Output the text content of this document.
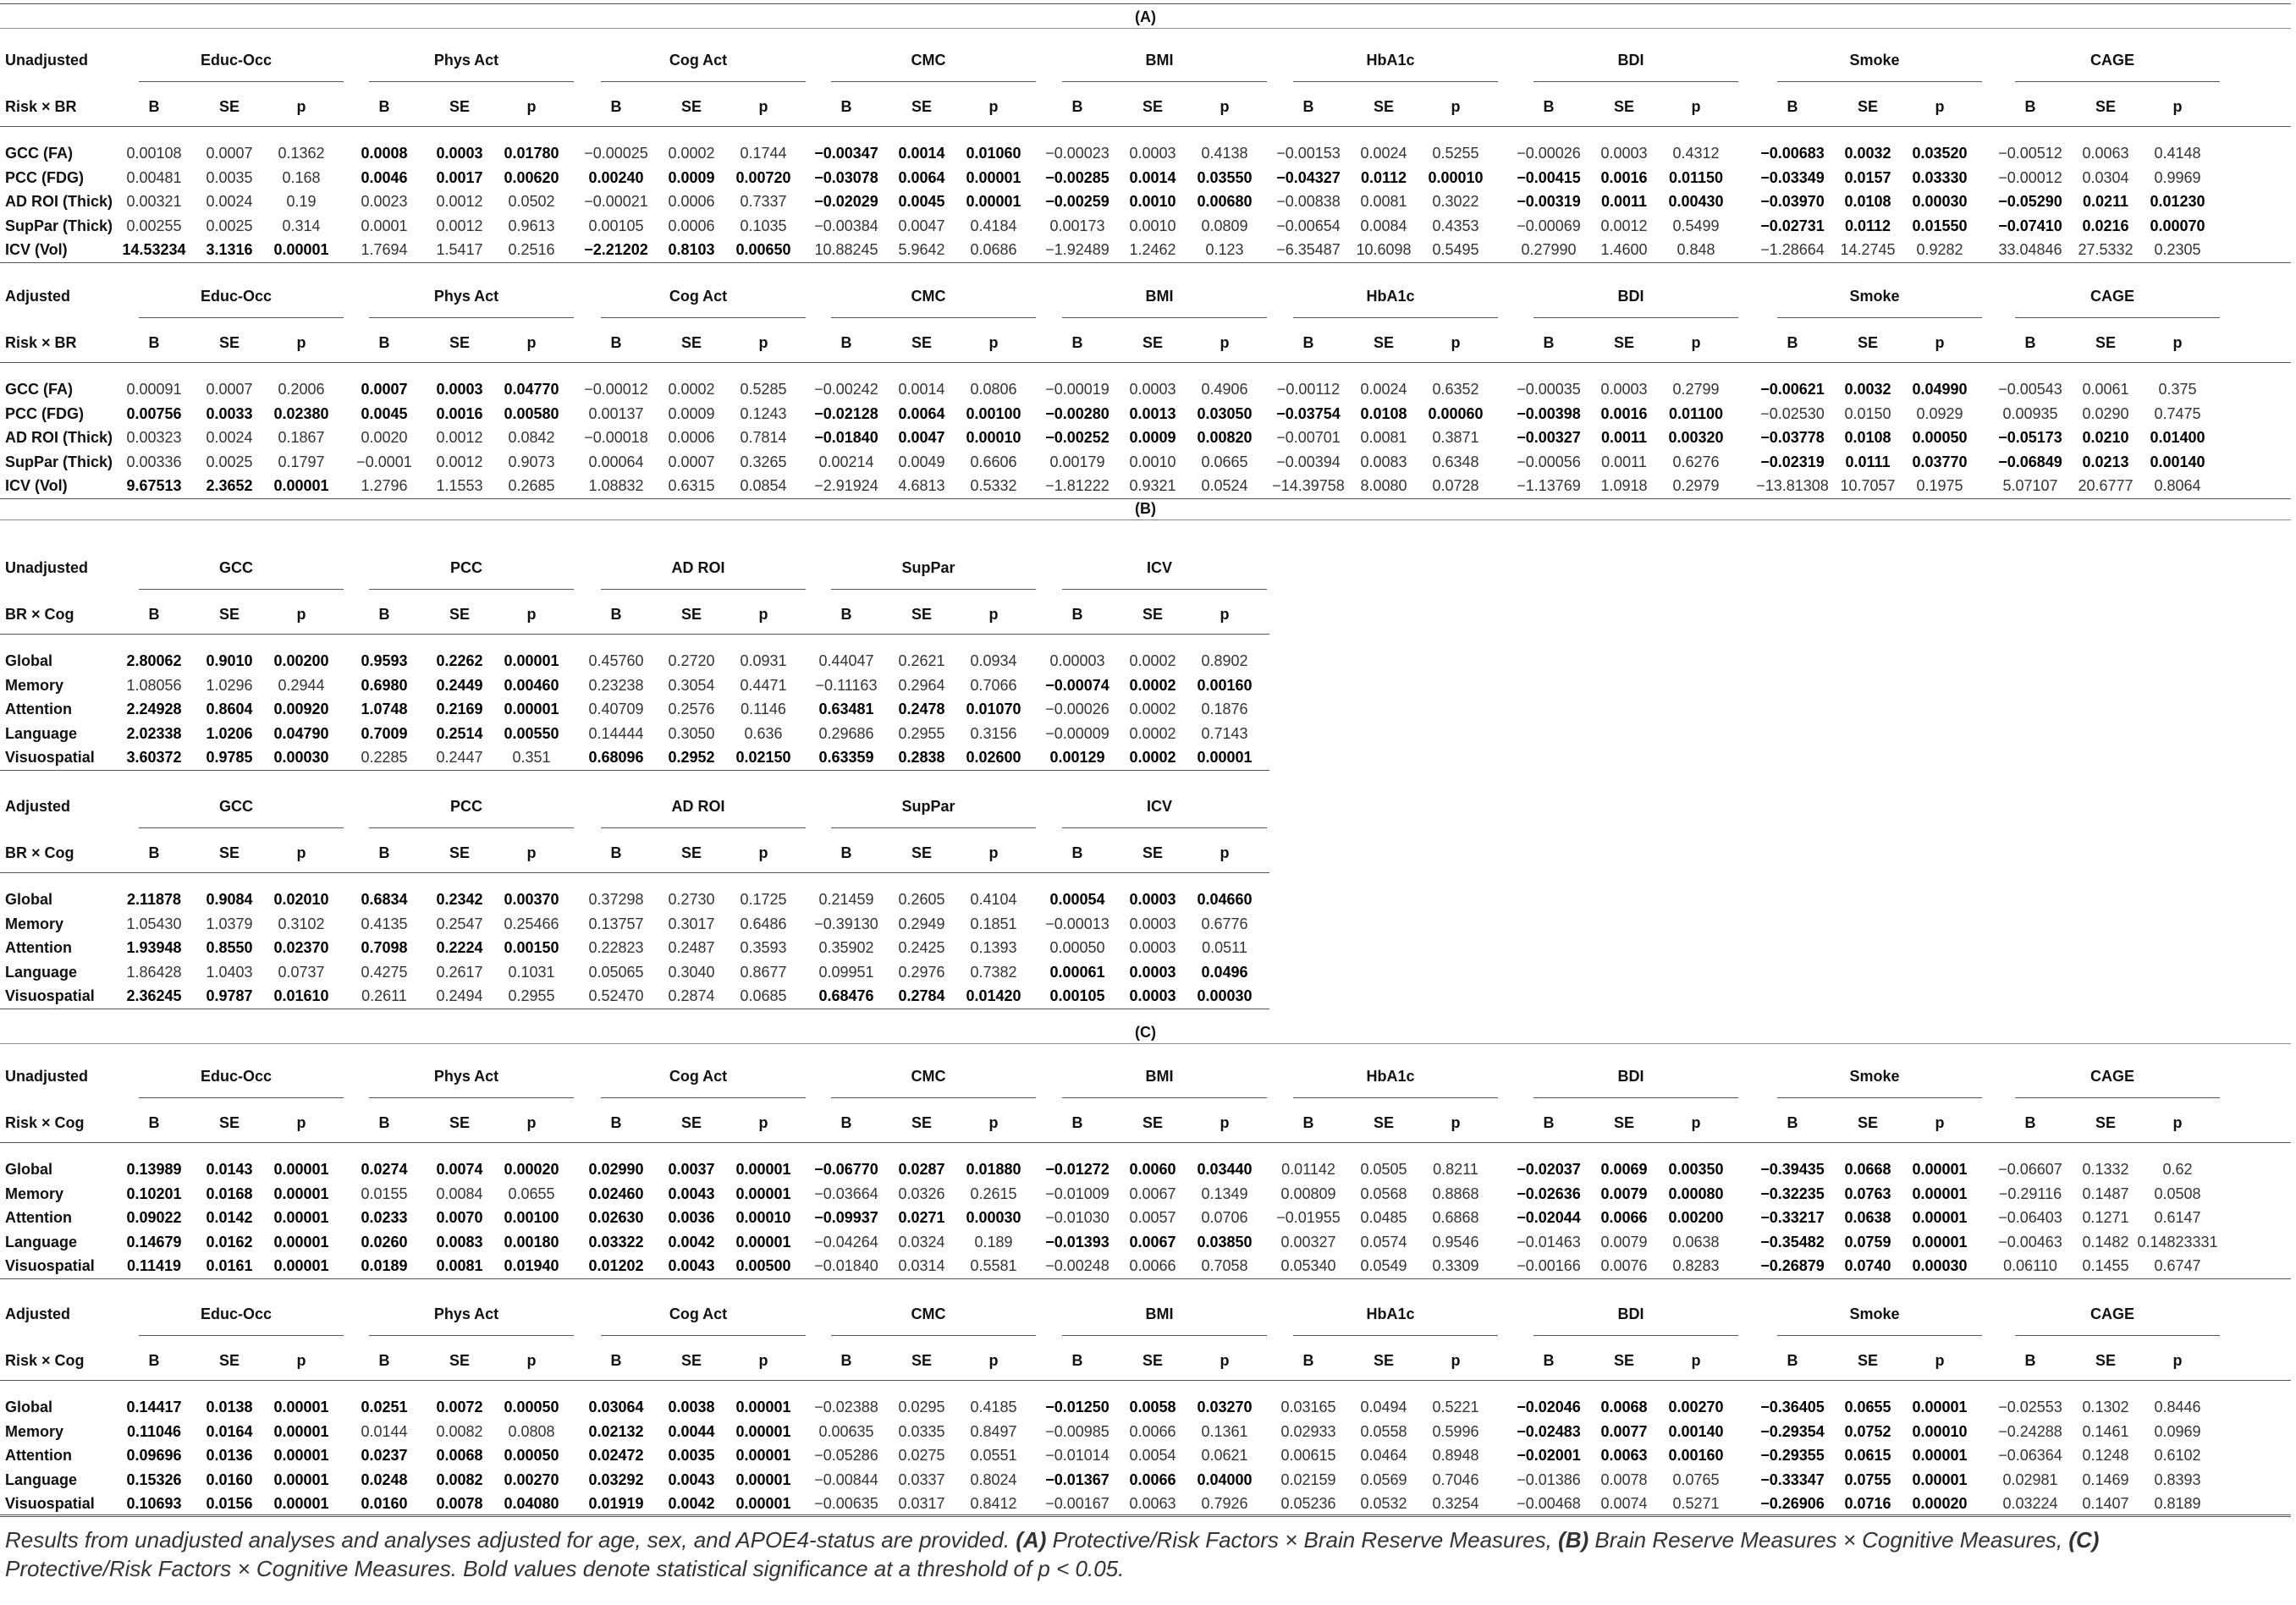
(A)
Unadjusted	Educ-Occ	Phys Act	Cog Act	CMC	BMI	HbA1c	BDI	Smoke	CAGE
Risk × BR	B	SE	p	B	SE	p	B	SE	p	B	SE	p	B	SE	p	B	SE	p	B	SE	p	B	SE	p	B	SE	p
GCC (FA)	0.00108 0.0007 0.1362 0.0008 0.0003 0.01780 −0.00025 0.0002 0.1744 −0.00347 0.0014 0.01060 −0.00023 0.0003 0.4138 −0.00153 0.0024 0.5255 −0.00026 0.0003 0.4312	−0.00683 0.0032 0.03520 −0.00512 0.0063 0.4148
PCC (FDG)	0.00481 0.0035 0.168	0.0046 0.0017 0.00620 0.00240 0.0009 0.00720 −0.03078 0.0064 0.00001 −0.00285 0.0014 0.03550 −0.04327 0.0112 0.00010 −0.00415 0.0016 0.01150 −0.03349 0.0157 0.03330 −0.00012 0.0304 0.9969
AD ROI (Thick) 0.00321 0.0024 0.19	0.0023 0.0012 0.0502 −0.00021 0.0006 0.7337 −0.02029 0.0045 0.00001 −0.00259 0.0010 0.00680 −0.00838 0.0081 0.3022 −0.00319 0.0011 0.00430 −0.03970 0.0108 0.00030 −0.05290 0.0211 0.01230
SupPar (Thick) 0.00255 0.0025 0.314	0.0001 0.0012 0.9613 0.00105 0.0006 0.1035 −0.00384 0.0047 0.4184 0.00173 0.0010 0.0809 −0.00654 0.0084 0.4353 −0.00069 0.0012 0.5499	−0.02731 0.0112 0.01550 −0.07410 0.0216 0.00070
ICV (Vol)	14.53234 3.1316 0.00001 1.7694 1.5417 0.2516 −2.21202 0.8103 0.00650 10.88245 5.9642 0.0686 −1.92489 1.2462 0.123 −6.35487 10.6098 0.5495	0.27990 1.4600 0.848	−1.28664 14.2745 0.9282 33.04846 27.5332 0.2305
Adjusted	Educ-Occ	Phys Act	Cog Act	CMC	BMI	HbA1c	BDI	Smoke	CAGE
Risk × BR	B	SE	p	B	SE	p	B	SE	p	B	SE	p	B	SE	p	B	SE	p	B	SE	p	B	SE	p	B	SE	p
GCC (FA)	0.00091 0.0007 0.2006 0.0007 0.0003 0.04770 −0.00012 0.0002 0.5285 −0.00242 0.0014 0.0806 −0.00019 0.0003 0.4906 −0.00112 0.0024 0.6352 −0.00035 0.0003 0.2799	−0.00621 0.0032 0.04990 −0.00543 0.0061 0.375
PCC (FDG)	0.00756 0.0033 0.02380 0.0045 0.0016 0.00580 0.00137 0.0009 0.1243 −0.02128 0.0064 0.00100 −0.00280 0.0013 0.03050 −0.03754 0.0108 0.00060 −0.00398 0.0016 0.01100 −0.02530 0.0150 0.0929	0.00935 0.0290 0.7475
AD ROI (Thick) 0.00323 0.0024 0.1867 0.0020 0.0012 0.0842 −0.00018 0.0006 0.7814 −0.01840 0.0047 0.00010 −0.00252 0.0009 0.00820 −0.00701 0.0081 0.3871 −0.00327 0.0011 0.00320 −0.03778 0.0108 0.00050 −0.05173 0.0210 0.01400
SupPar (Thick) 0.00336 0.0025 0.1797 −0.0001 0.0012 0.9073 0.00064 0.0007 0.3265 0.00214 0.0049 0.6606 0.00179 0.0010 0.0665 −0.00394 0.0083 0.6348 −0.00056 0.0011 0.6276	−0.02319 0.0111 0.03770 −0.06849 0.0213 0.00140
ICV (Vol)	9.67513 2.3652 0.00001 1.2796 1.1553 0.2685 1.08832 0.6315 0.0854 −2.91924 4.6813 0.5332 −1.81222 0.9321 0.0524 −14.39758 8.0080 0.0728 −1.13769 1.0918 0.2979 −13.81308 10.7057 0.1975	5.07107 20.6777 0.8064
(B)
Unadjusted	GCC	PCC	AD ROI	SupPar	ICV
BR × Cog	B	SE	p	B	SE	p	B	SE	p	B	SE	p	B	SE	p
Global	2.80062 0.9010 0.00200 0.9593 0.2262 0.00001 0.45760 0.2720 0.0931 0.44047 0.2621 0.0934 0.00003 0.0002 0.8902
Memory	1.08056 1.0296 0.2944 0.6980 0.2449 0.00460 0.23238 0.3054 0.4471 −0.11163 0.2964 0.7066 −0.00074 0.0002 0.00160
Attention	2.24928 0.8604 0.00920 1.0748 0.2169 0.00001 0.40709 0.2576 0.1146 0.63481 0.2478 0.01070 −0.00026 0.0002 0.1876
Language	2.02338 1.0206 0.04790 0.7009 0.2514 0.00550 0.14444 0.3050 0.636 0.29686 0.2955 0.3156 −0.00009 0.0002 0.7143
Visuospatial 3.60372 0.9785 0.00030 0.2285 0.2447 0.351 0.68096 0.2952 0.02150 0.63359 0.2838 0.02600 0.00129 0.0002 0.00001
Adjusted	GCC	PCC	AD ROI	SupPar	ICV
BR × Cog	B	SE	p	B	SE	p	B	SE	p	B	SE	p	B	SE	p
Global	2.11878 0.9084 0.02010 0.6834 0.2342 0.00370 0.37298 0.2730 0.1725 0.21459 0.2605 0.4104 0.00054 0.0003 0.04660
Memory	1.05430 1.0379 0.3102 0.4135 0.2547 0.25466 0.13757 0.3017 0.6486 −0.39130 0.2949 0.1851 −0.00013 0.0003 0.6776
Attention	1.93948 0.8550 0.02370 0.7098 0.2224 0.00150 0.22823 0.2487 0.3593 0.35902 0.2425 0.1393 0.00050 0.0003 0.0511
Language	1.86428 1.0403 0.0737 0.4275 0.2617 0.1031 0.05065 0.3040 0.8677 0.09951 0.2976 0.7382 0.00061 0.0003 0.0496
Visuospatial 2.36245 0.9787 0.01610 0.2611 0.2494 0.2955 0.52470 0.2874 0.0685 0.68476 0.2784 0.01420 0.00105 0.0003 0.00030
(C)
Unadjusted	Educ-Occ	Phys Act	Cog Act	CMC	BMI	HbA1c	BDI	Smoke	CAGE
Risk × Cog	B	SE	p	B	SE	p	B	SE	p	B	SE	p	B	SE	p	B	SE	p	B	SE	p	B	SE	p	B	SE	p
Global	0.13989 0.0143 0.00001 0.0274 0.0074 0.00020 0.02990 0.0037 0.00001 −0.06770 0.0287 0.01880 −0.01272 0.0060 0.03440 0.01142 0.0505 0.8211	−0.02037 0.0069 0.00350 −0.39435 0.0668 0.00001 −0.06607 0.1332 0.62
Memory	0.10201 0.0168 0.00001 0.0155 0.0084 0.0655 0.02460 0.0043 0.00001 −0.03664 0.0326 0.2615 −0.01009 0.0067 0.1349 0.00809 0.0568 0.8868 −0.02636 0.0079 0.00080 −0.32235 0.0763 0.00001 −0.29116 0.1487 0.0508
Attention	0.09022 0.0142 0.00001 0.0233 0.0070 0.00100 0.02630 0.0036 0.00010 −0.09937 0.0271 0.00030 −0.01030 0.0057 0.0706 −0.01955 0.0485 0.6868 −0.02044 0.0066 0.00200 −0.33217 0.0638 0.00001 −0.06403 0.1271 0.6147
Language	0.14679 0.0162 0.00001 0.0260 0.0083 0.00180 0.03322 0.0042 0.00001 −0.04264 0.0324 0.189 −0.01393 0.0067 0.03850 0.00327 0.0574 0.9546 −0.01463 0.0079 0.0638	−0.35482 0.0759 0.00001 −0.00463 0.1482 0.14823331
Visuospatial 0.11419 0.0161 0.00001 0.0189 0.0081 0.01940 0.01202 0.0043 0.00500 −0.01840 0.0314 0.5581 −0.00248 0.0066 0.7058 0.05340 0.0549 0.3309 −0.00166 0.0076 0.8283	−0.26879 0.0740 0.00030 0.06110 0.1455 0.6747
Adjusted	Educ-Occ	Phys Act	Cog Act	CMC	BMI	HbA1c	BDI	Smoke	CAGE
Risk × Cog	B	SE	p	B	SE	p	B	SE	p	B	SE	p	B	SE	p	B	SE	p	B	SE	p	B	SE	p	B	SE	p
Global	0.14417 0.0138 0.00001 0.0251 0.0072 0.00050 0.03064 0.0038 0.00001 −0.02388 0.0295 0.4185 −0.01250 0.0058 0.03270 0.03165 0.0494 0.5221 −0.02046 0.0068 0.00270 −0.36405 0.0655 0.00001 −0.02553 0.1302 0.8446
Memory	0.11046 0.0164 0.00001 0.0144 0.0082 0.0808 0.02132 0.0044 0.00001 0.00635 0.0335 0.8497 −0.00985 0.0066 0.1361 0.02933 0.0558 0.5996 −0.02483 0.0077 0.00140 −0.29354 0.0752 0.00010 −0.24288 0.1461 0.0969
Attention	0.09696 0.0136 0.00001 0.0237 0.0068 0.00050 0.02472 0.0035 0.00001 −0.05286 0.0275 0.0551 −0.01014 0.0054 0.0621 0.00615 0.0464 0.8948 −0.02001 0.0063 0.00160 −0.29355 0.0615 0.00001 −0.06364 0.1248 0.6102
Language	0.15326 0.0160 0.00001 0.0248 0.0082 0.00270 0.03292 0.0043 0.00001 −0.00844 0.0337 0.8024 −0.01367 0.0066 0.04000 0.02159 0.0569 0.7046 −0.01386 0.0078 0.0765	−0.33347 0.0755 0.00001 0.02981 0.1469 0.8393
Visuospatial 0.10693 0.0156 0.00001 0.0160 0.0078 0.04080 0.01919 0.0042 0.00001 −0.00635 0.0317 0.8412 −0.00167 0.0063 0.7926 0.05236 0.0532 0.3254 −0.00468 0.0074 0.5271	−0.26906 0.0716 0.00020 0.03224 0.1407 0.8189
Results from unadjusted analyses and analyses adjusted for age, sex, and APOE4-status are provided. (A) Protective/Risk Factors × Brain Reserve Measures, (B) Brain Reserve Measures × Cognitive Measures, (C)
Protective/Risk Factors × Cognitive Measures. Bold values denote statistical significance at a threshold of p < 0.05.
